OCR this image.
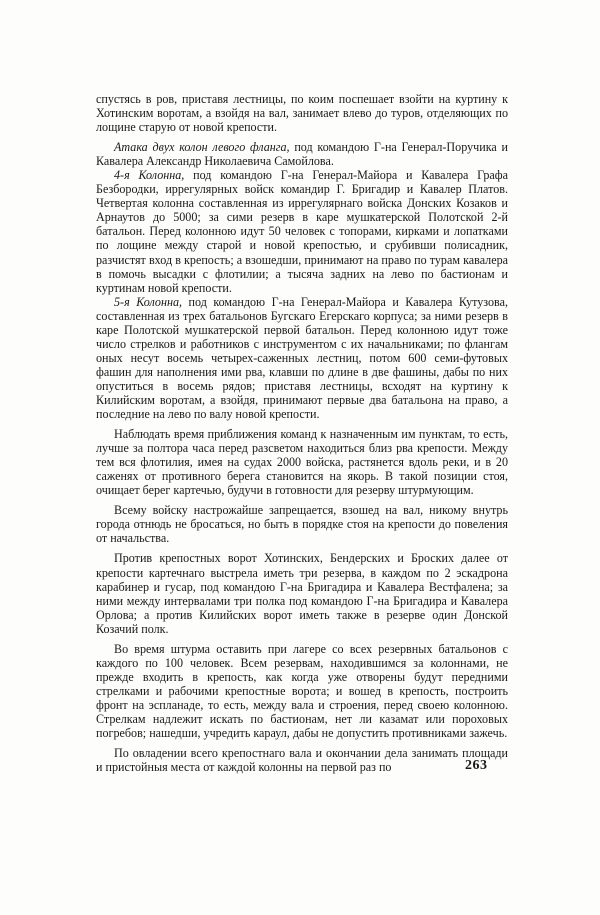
спустясь в ров, приставя лестницы, по коим поспешает взойти на куртину к Хотинским воротам, а взойдя на вал, занимает влево до туров, отделяющих по лощине старую от новой крепости.

Атака двух колон левого фланга, под командою Г-на Генерал-Поручика и Кавалера Александр Николаевича Самойлова.

4-я Колонна, под командою Г-на Генерал-Майора и Кавалера Графа Безбородки, иррегулярных войск командир Г. Бригадир и Кавалер Платов. Четвертая колонна составленная из иррегулярнаго войска Донских Козаков и Арнаутов до 5000; за сими резерв в каре мушкатерской Полотской 2-й батальон. Перед колонною идут 50 человек с топорами, кирками и лопатками по лощине между старой и новой крепостью, и срубивши полисадник, разчистят вход в крепость; а взошедши, принимают на право по турам кавалера в помочь высадки с флотилии; а тысяча задних на лево по бастионам и куртинам новой крепости.

5-я Колонна, под командою Г-на Генерал-Майора и Кавалера Кутузова, составленная из трех батальонов Бугскаго Егерскаго корпуса; за ними резерв в каре Полотской мушкатерской первой батальон. Перед колонною идут тоже число стрелков и работников с инструментом с их начальниками; по флангам оных несут восемь четырех-саженных лестниц, потом 600 семи-футовых фашин для наполнения ими рва, клавши по длине в две фашины, дабы по них опуститься в восемь рядов; приставя лестницы, всходят на куртину к Килийским воротам, а взойдя, принимают первые два батальона на право, а последние на лево по валу новой крепости.

Наблюдать время приближения команд к назначенным им пунктам, то есть, лучше за полтора часа перед разсветом находиться близ рва крепости. Между тем вся флотилия, имея на судах 2000 войска, растянется вдоль реки, и в 20 саженях от противного берега становится на якорь. В такой позиции стоя, очищает берег картечью, будучи в готовности для резерву штурмующим.

Всему войску настрожайше запрещается, взошед на вал, никому внутрь города отнюдь не бросаться, но быть в порядке стоя на крепости до повеления от начальства.

Против крепостных ворот Хотинских, Бендерских и Броских далее от крепости картечнаго выстрела иметь три резерва, в каждом по 2 эскадрона карабинер и гусар, под командою Г-на Бригадира и Кавалера Вестфалена; за ними между интервалами три полка под командою Г-на Бригадира и Кавалера Орлова; а против Килийских ворот иметь также в резерве один Донской Козачий полк.

Во время штурма оставить при лагере со всех резервных батальонов с каждого по 100 человек. Всем резервам, находившимся за колоннами, не прежде входить в крепость, как когда уже отворены будут передними стрелками и рабочими крепостные ворота; и вошед в крепость, построить фронт на эспланаде, то есть, между вала и строения, перед своею колонною. Стрелкам надлежит искать по бастионам, нет ли казамат или пороховых погребов; нашедши, учредить караул, дабы не допустить противниками зажечь.

По овладении всего крепостнаго вала и окончании дела занимать площади и пристойныя места от каждой колонны на первой раз по	263
